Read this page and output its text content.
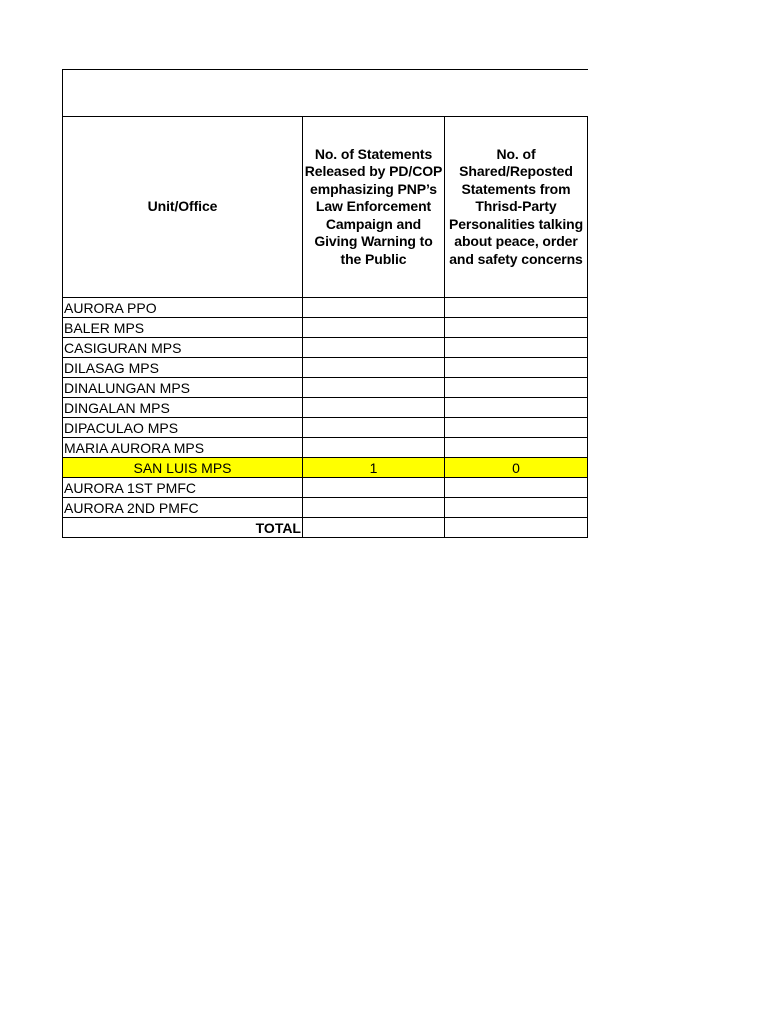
Unit/Office	No. of Statements Released by PD/COP emphasizing PNP’s Law Enforcement Campaign and Giving Warning to the Public	No. of Shared/Reposted Statements from Thrisd-Party Personalities talking about peace, order and safety concerns
AURORA PPO		
BALER MPS		
CASIGURAN MPS		
DILASAG MPS		
DINALUNGAN MPS		
DINGALAN MPS		
DIPACULAO MPS		
MARIA AURORA MPS		
SAN LUIS MPS	1	0
AURORA 1ST PMFC		
AURORA 2ND PMFC		
TOTAL		
